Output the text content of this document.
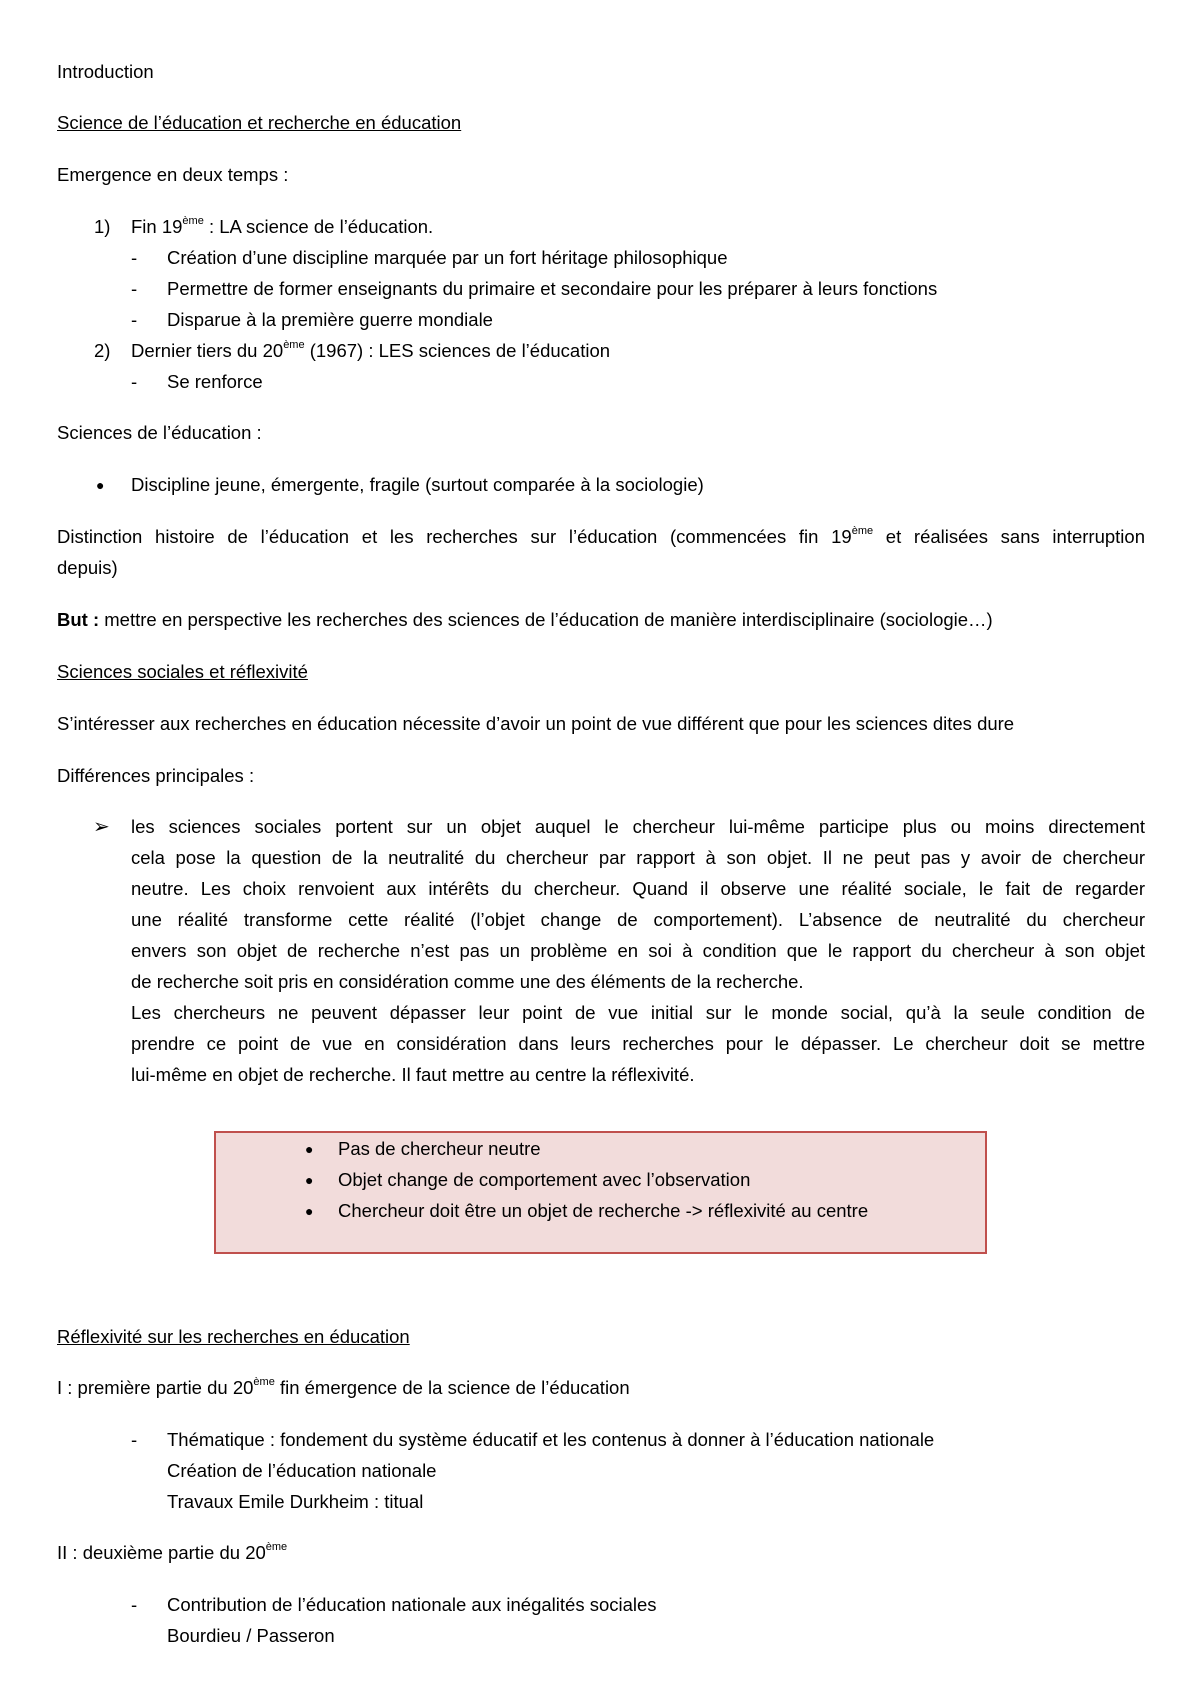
Introduction
Science de l’éducation et recherche en éducation
Emergence en deux temps :
1) Fin 19ème : LA science de l’éducation.
- Création d’une discipline marquée par un fort héritage philosophique
- Permettre de former enseignants du primaire et secondaire pour les préparer à leurs fonctions
- Disparue à la première guerre mondiale
2) Dernier tiers du 20ème (1967) : LES sciences de l’éducation
- Se renforce
Sciences de l’éducation :
● Discipline jeune, émergente, fragile (surtout comparée à la sociologie)
Distinction histoire de l’éducation et les recherches sur l’éducation (commencées fin 19ème et réalisées sans interruption
depuis)
But : mettre en perspective les recherches des sciences de l’éducation de manière interdisciplinaire (sociologie…)
Sciences sociales et réflexivité
S’intéresser aux recherches en éducation nécessite d’avoir un point de vue différent que pour les sciences dites dure
Différences principales :
➢ les sciences sociales portent sur un objet auquel le chercheur lui-même participe plus ou moins directement
cela pose la question de la neutralité du chercheur par rapport à son objet. Il ne peut pas y avoir de chercheur
neutre. Les choix renvoient aux intérêts du chercheur. Quand il observe une réalité sociale, le fait de regarder
une réalité transforme cette réalité (l’objet change de comportement). L’absence de neutralité du chercheur
envers son objet de recherche n’est pas un problème en soi à condition que le rapport du chercheur à son objet
de recherche soit pris en considération comme une des éléments de la recherche.
Les chercheurs ne peuvent dépasser leur point de vue initial sur le monde social, qu’à la seule condition de
prendre ce point de vue en considération dans leurs recherches pour le dépasser. Le chercheur doit se mettre
lui-même en objet de recherche. Il faut mettre au centre la réflexivité.
● Pas de chercheur neutre
● Objet change de comportement avec l’observation
● Chercheur doit être un objet de recherche -> réflexivité au centre
Réflexivité sur les recherches en éducation
I : première partie du 20ème fin émergence de la science de l’éducation
- Thématique : fondement du système éducatif et les contenus à donner à l’éducation nationale
Création de l’éducation nationale
Travaux Emile Durkheim : titual
II : deuxième partie du 20ème
- Contribution de l’éducation nationale aux inégalités sociales
Bourdieu / Passeron
